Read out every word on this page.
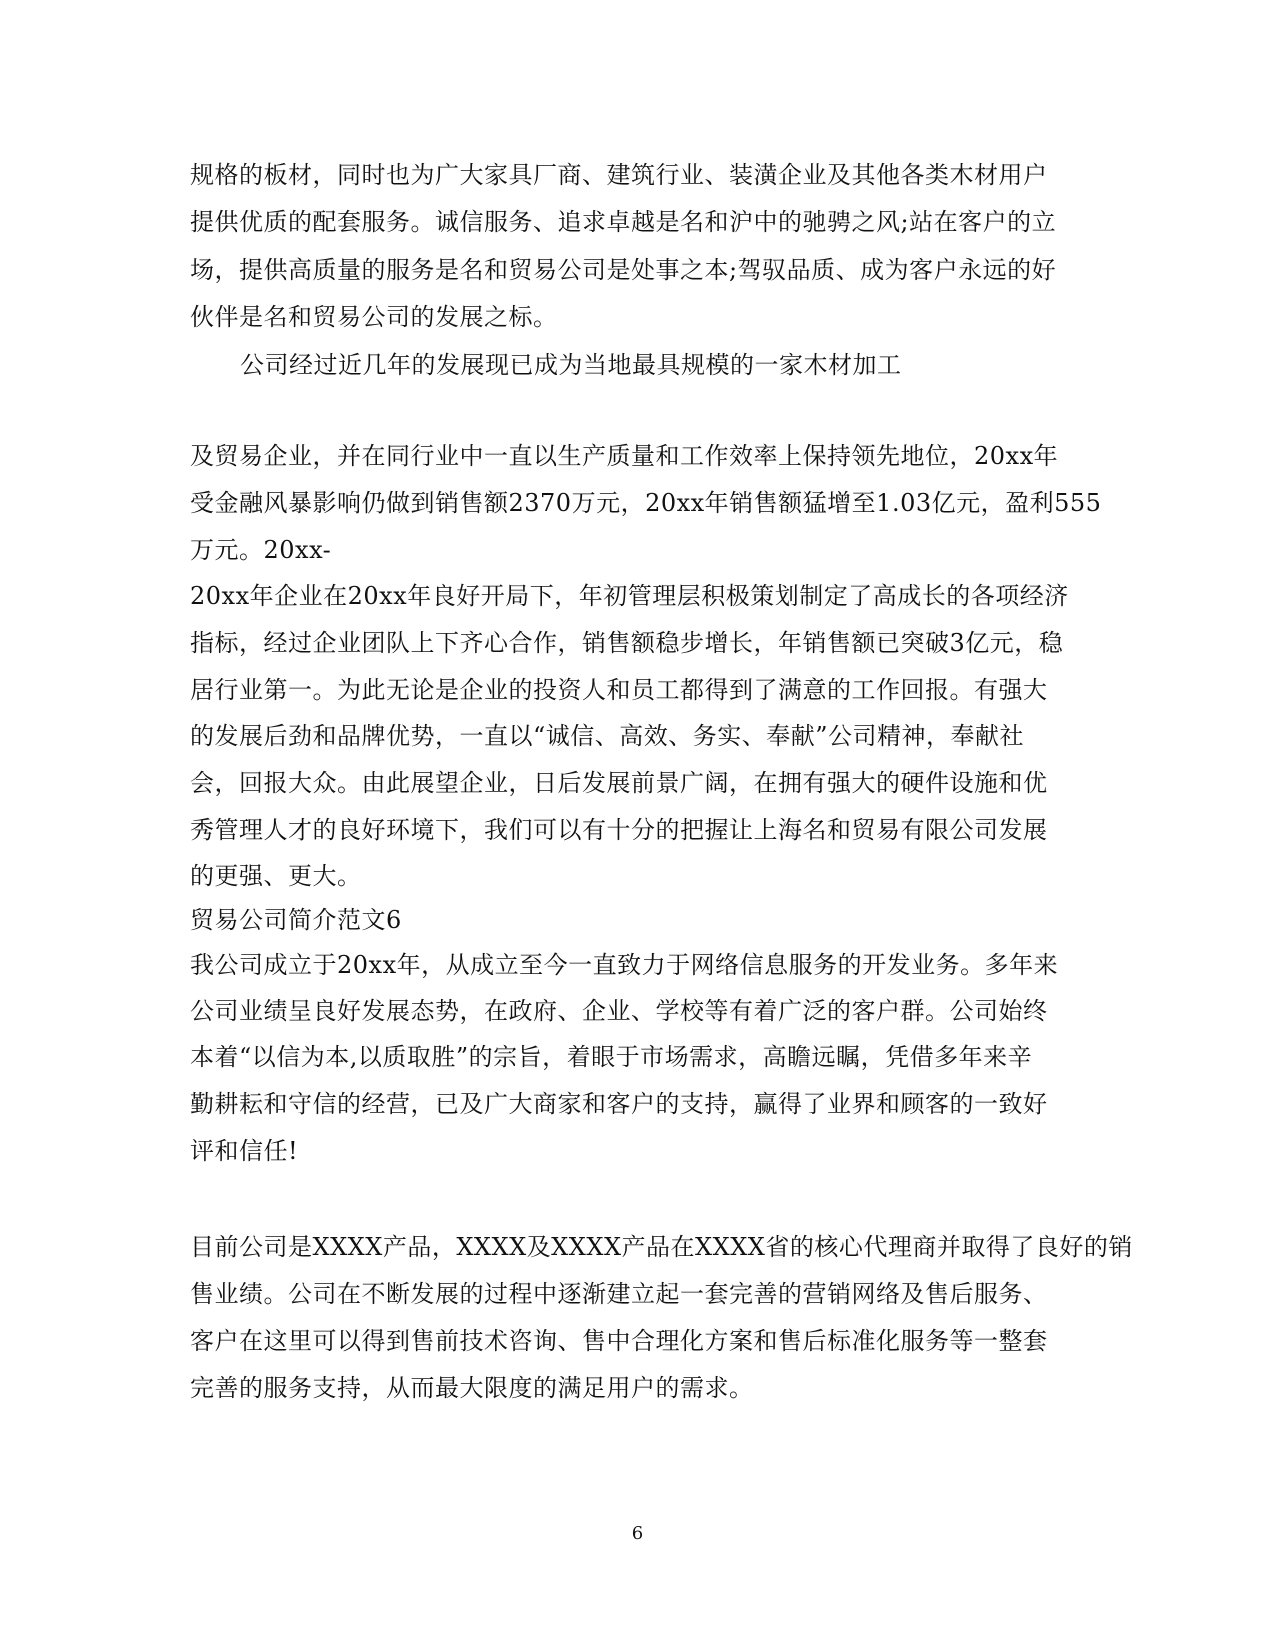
规格的板材，同时也为广大家具厂商、建筑行业、装潢企业及其他各类木材用户
提供优质的配套服务。诚信服务、追求卓越是名和沪中的驰骋之风;站在客户的立
场，提供高质量的服务是名和贸易公司是处事之本;驾驭品质、成为客户永远的好
伙伴是名和贸易公司的发展之标。
公司经过近几年的发展现已成为当地最具规模的一家木材加工
及贸易企业，并在同行业中一直以生产质量和工作效率上保持领先地位，20xx年
受金融风暴影响仍做到销售额2370万元，20xx年销售额猛增至1.03亿元，盈利555
万元。20xx-
20xx年企业在20xx年良好开局下，年初管理层积极策划制定了高成长的各项经济
指标，经过企业团队上下齐心合作，销售额稳步增长，年销售额已突破3亿元，稳
居行业第一。为此无论是企业的投资人和员工都得到了满意的工作回报。有强大
的发展后劲和品牌优势，一直以“诚信、高效、务实、奉献”公司精神，奉献社
会，回报大众。由此展望企业，日后发展前景广阔，在拥有强大的硬件设施和优
秀管理人才的良好环境下，我们可以有十分的把握让上海名和贸易有限公司发展
的更强、更大。
贸易公司简介范文6
我公司成立于20xx年，从成立至今一直致力于网络信息服务的开发业务。多年来
公司业绩呈良好发展态势，在政府、企业、学校等有着广泛的客户群。公司始终
本着“以信为本,以质取胜”的宗旨，着眼于市场需求，高瞻远瞩，凭借多年来辛
勤耕耘和守信的经营，已及广大商家和客户的支持，赢得了业界和顾客的一致好
评和信任!
目前公司是XXXX产品，XXXX及XXXX产品在XXXX省的核心代理商并取得了良好的销
售业绩。公司在不断发展的过程中逐渐建立起一套完善的营销网络及售后服务、
客户在这里可以得到售前技术咨询、售中合理化方案和售后标准化服务等一整套
完善的服务支持，从而最大限度的满足用户的需求。
6
